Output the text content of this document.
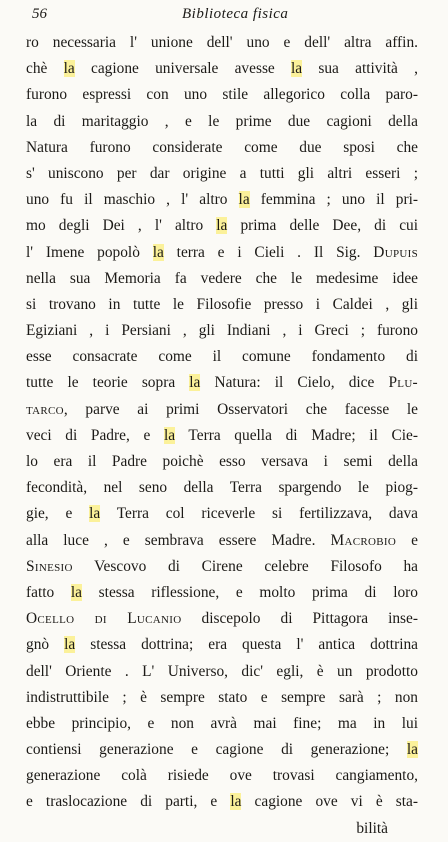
56	Biblioteca fisica
ro necessaria l' unione dell' uno e dell' altra affin.
chè la cagione universale avesse la sua attività ,
furono espressi con uno stile allegorico colla paro-
la di maritaggio , e le prime due cagioni della
Natura furono considerate come due sposi che
s' uniscono per dar origine a tutti gli altri esseri ;
uno fu il maschio , l' altro la femmina ; uno il pri-
mo degli Dei , l' altro la prima delle Dee, di cui
l' Imene popolò la terra e i Cieli . Il Sig. Dupuis
nella sua Memoria fa vedere che le medesime idee
si trovano in tutte le Filosofie presso i Caldei , gli
Egiziani , i Persiani , gli Indiani , i Greci ; furono
esse consacrate come il comune fondamento di
tutte le teorie sopra la Natura: il Cielo, dice Plu-
tarco, parve ai primi Osservatori che facesse le
veci di Padre, e la Terra quella di Madre; il Cie-
lo era il Padre poichè esso versava i semi della
fecondità, nel seno della Terra spargendo le piog-
gie, e la Terra col riceverle si fertilizzava, dava
alla luce , e sembrava essere Madre. Macrobio e
Sinesio Vescovo di Cirene celebre Filosofo ha
fatto la stessa riflessione, e molto prima di loro
Ocello di Lucanio discepolo di Pittagora inse-
gnò la stessa dottrina; era questa l' antica dottrina
dell' Oriente . L' Universo, dic' egli, è un prodotto
indistruttibile ; è sempre stato e sempre sarà ; non
ebbe principio, e non avrà mai fine; ma in lui
contiensi generazione e cagione di generazione; la
generazione colà risiede ove trovasi cangiamento,
e traslocazione di parti, e la cagione ove vi è sta-
bilità
